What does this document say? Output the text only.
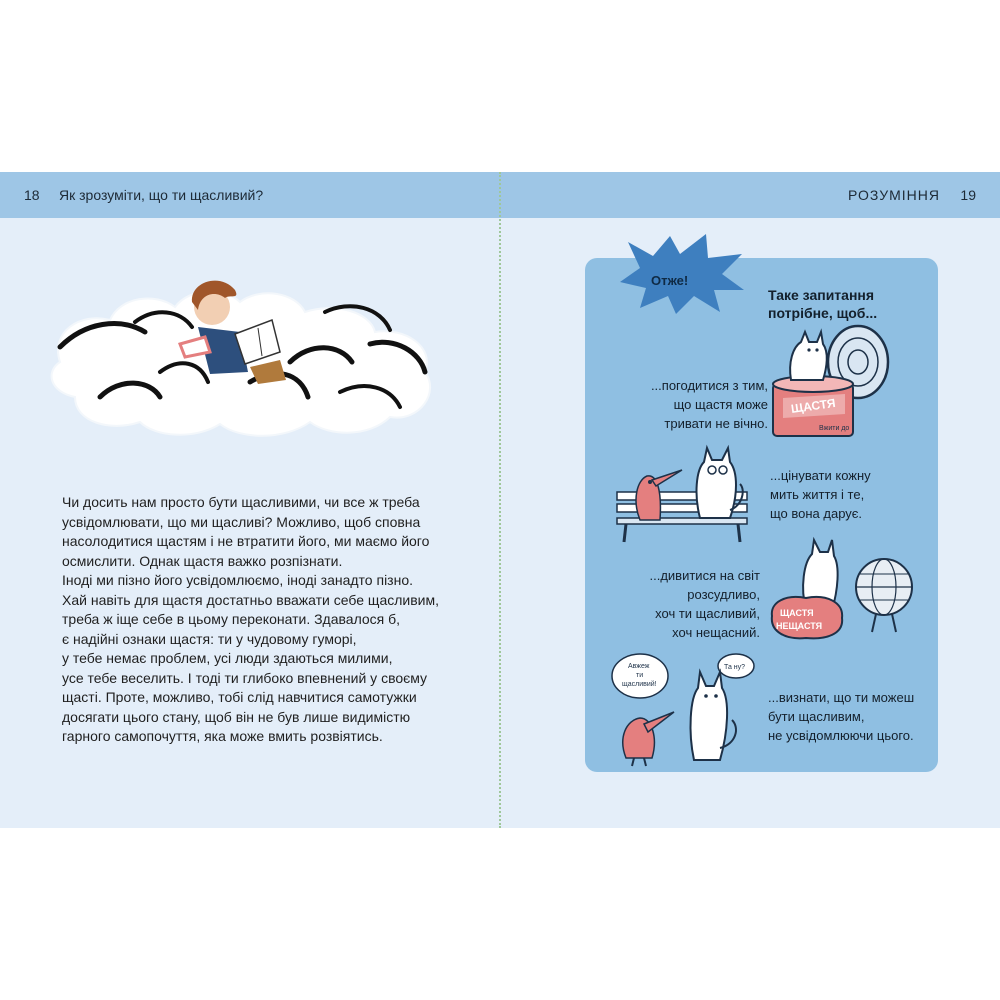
18 Як зрозуміти, що ти щасливий?	РОЗУМІННЯ 19

Чи досить нам просто бути щасливими, чи все ж треба

усвідомлювати, що ми щасливі? Можливо, щоб сповна

насолодитися щастям і не втратити його, ми маємо його

осмислити. Однак щастя важко розпізнати.

Іноді ми пізно його усвідомлюємо, іноді занадто пізно.

Хай навіть для щастя достатньо вважати себе щасливим,

треба ж іще себе в цьому переконати. Здавалося б,

є надійні ознаки щастя: ти у чудовому гуморі,

у тебе немає проблем, усі люди здаються милими,

усе тебе веселить. І тоді ти глибоко впевнений у своєму

щасті. Проте, можливо, тобі слід навчитися самотужки

досягати цього стану, щоб він не був лише видимістю

гарного самопочуття, яка може вмить розвіятись.

Отже!

Таке запитання

потрібне, щоб...

ЩАСТЯ
Вжити до

...погодитися з тим,

що щастя може

тривати не вічно.

...цінувати кожну

мить життя і те,

що вона дарує.

...дивитися на світ

розсудливо,

хоч ти щасливий,

хоч нещасний.

ЩАСТЯ
НЕЩАСТЯ
Авжеж
ти
щасливий!
Та ну?

...визнати, що ти можеш

бути щасливим,

не усвідомлюючи цього.
